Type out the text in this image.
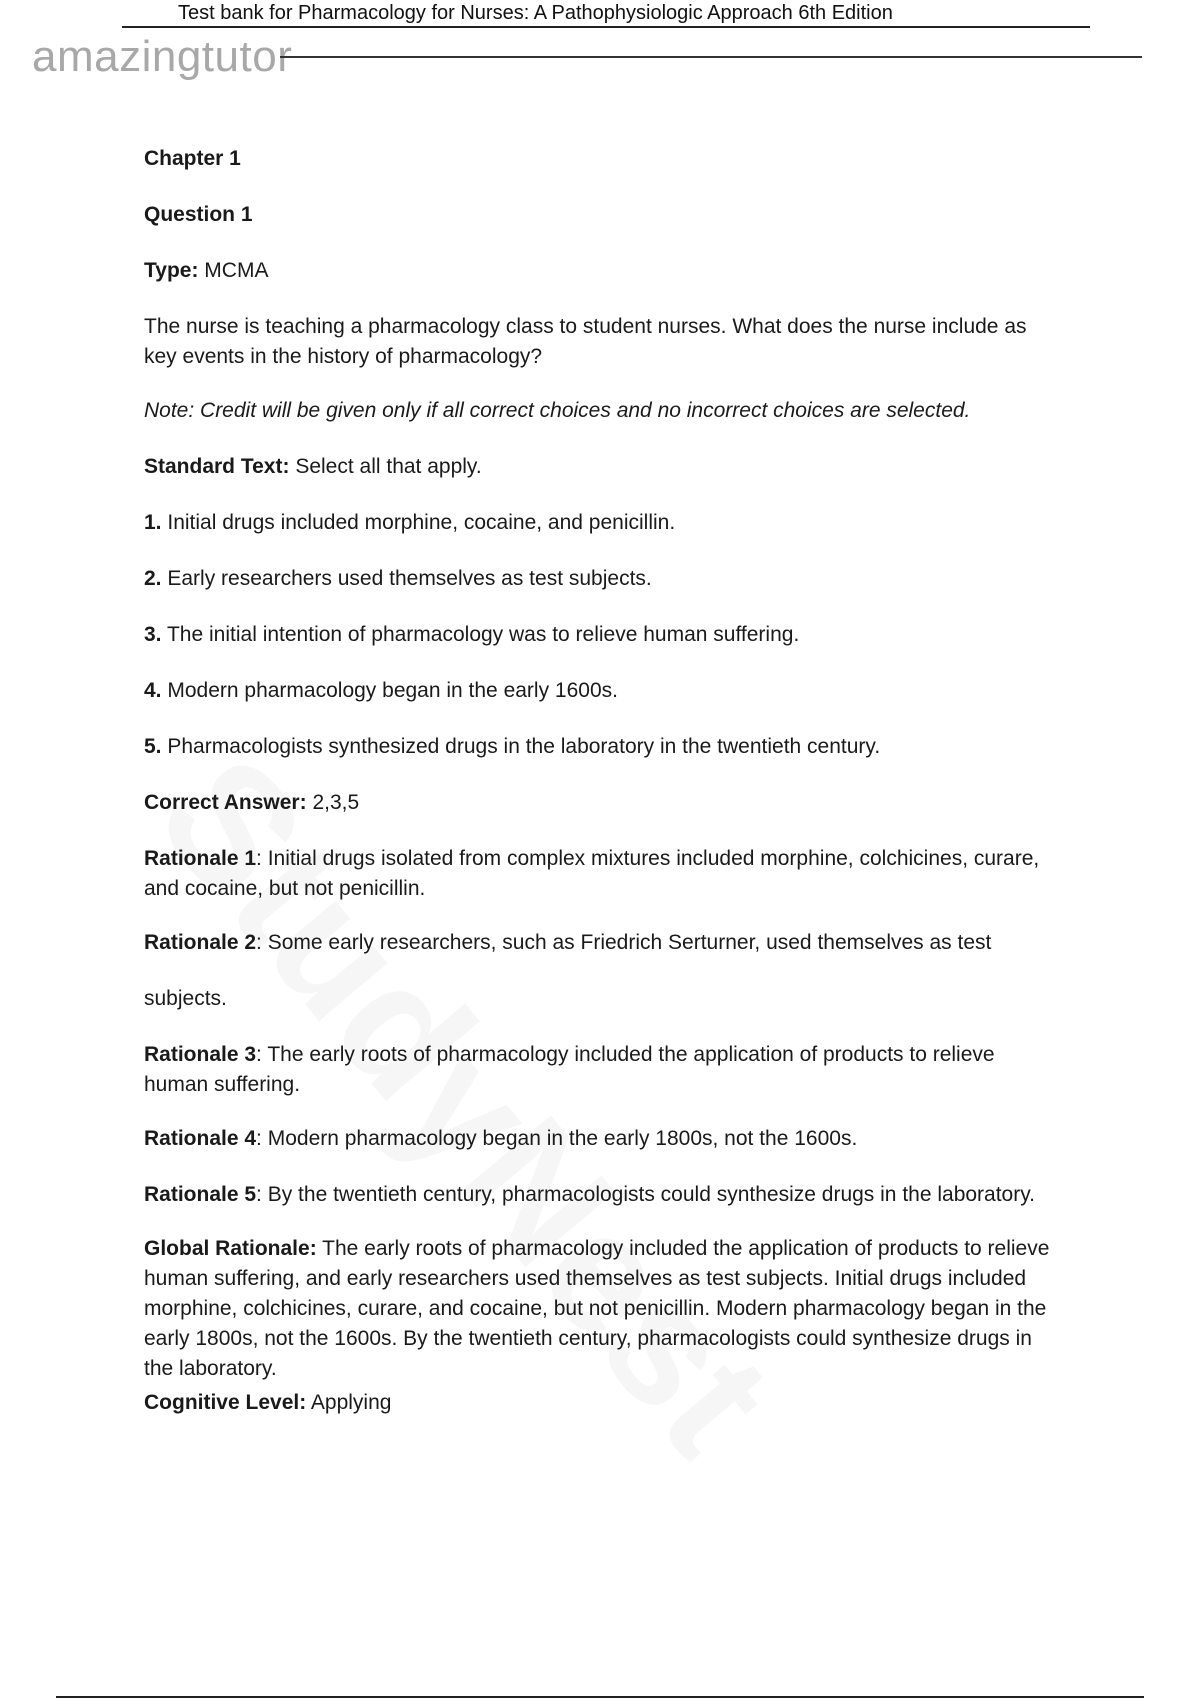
Test bank for Pharmacology for Nurses: A Pathophysiologic Approach 6th Edition
amazingtutor

Chapter 1

Question 1

Type: MCMA

The nurse is teaching a pharmacology class to student nurses. What does the nurse include as key events in the history of pharmacology?

Note: Credit will be given only if all correct choices and no incorrect choices are selected.

Standard Text: Select all that apply.

1. Initial drugs included morphine, cocaine, and penicillin.

2. Early researchers used themselves as test subjects.

3. The initial intention of pharmacology was to relieve human suffering.

4. Modern pharmacology began in the early 1600s.

5. Pharmacologists synthesized drugs in the laboratory in the twentieth century.

Correct Answer: 2,3,5

Rationale 1: Initial drugs isolated from complex mixtures included morphine, colchicines, curare, and cocaine, but not penicillin.

Rationale 2: Some early researchers, such as Friedrich Serturner, used themselves as test

subjects.

Rationale 3: The early roots of pharmacology included the application of products to relieve human suffering.

Rationale 4: Modern pharmacology began in the early 1800s, not the 1600s.

Rationale 5: By the twentieth century, pharmacologists could synthesize drugs in the laboratory.

Global Rationale: The early roots of pharmacology included the application of products to relieve human suffering, and early researchers used themselves as test subjects. Initial drugs included morphine, colchicines, curare, and cocaine, but not penicillin. Modern pharmacology began in the early 1800s, not the 1600s. By the twentieth century, pharmacologists could synthesize drugs in the laboratory.

Cognitive Level: Applying
